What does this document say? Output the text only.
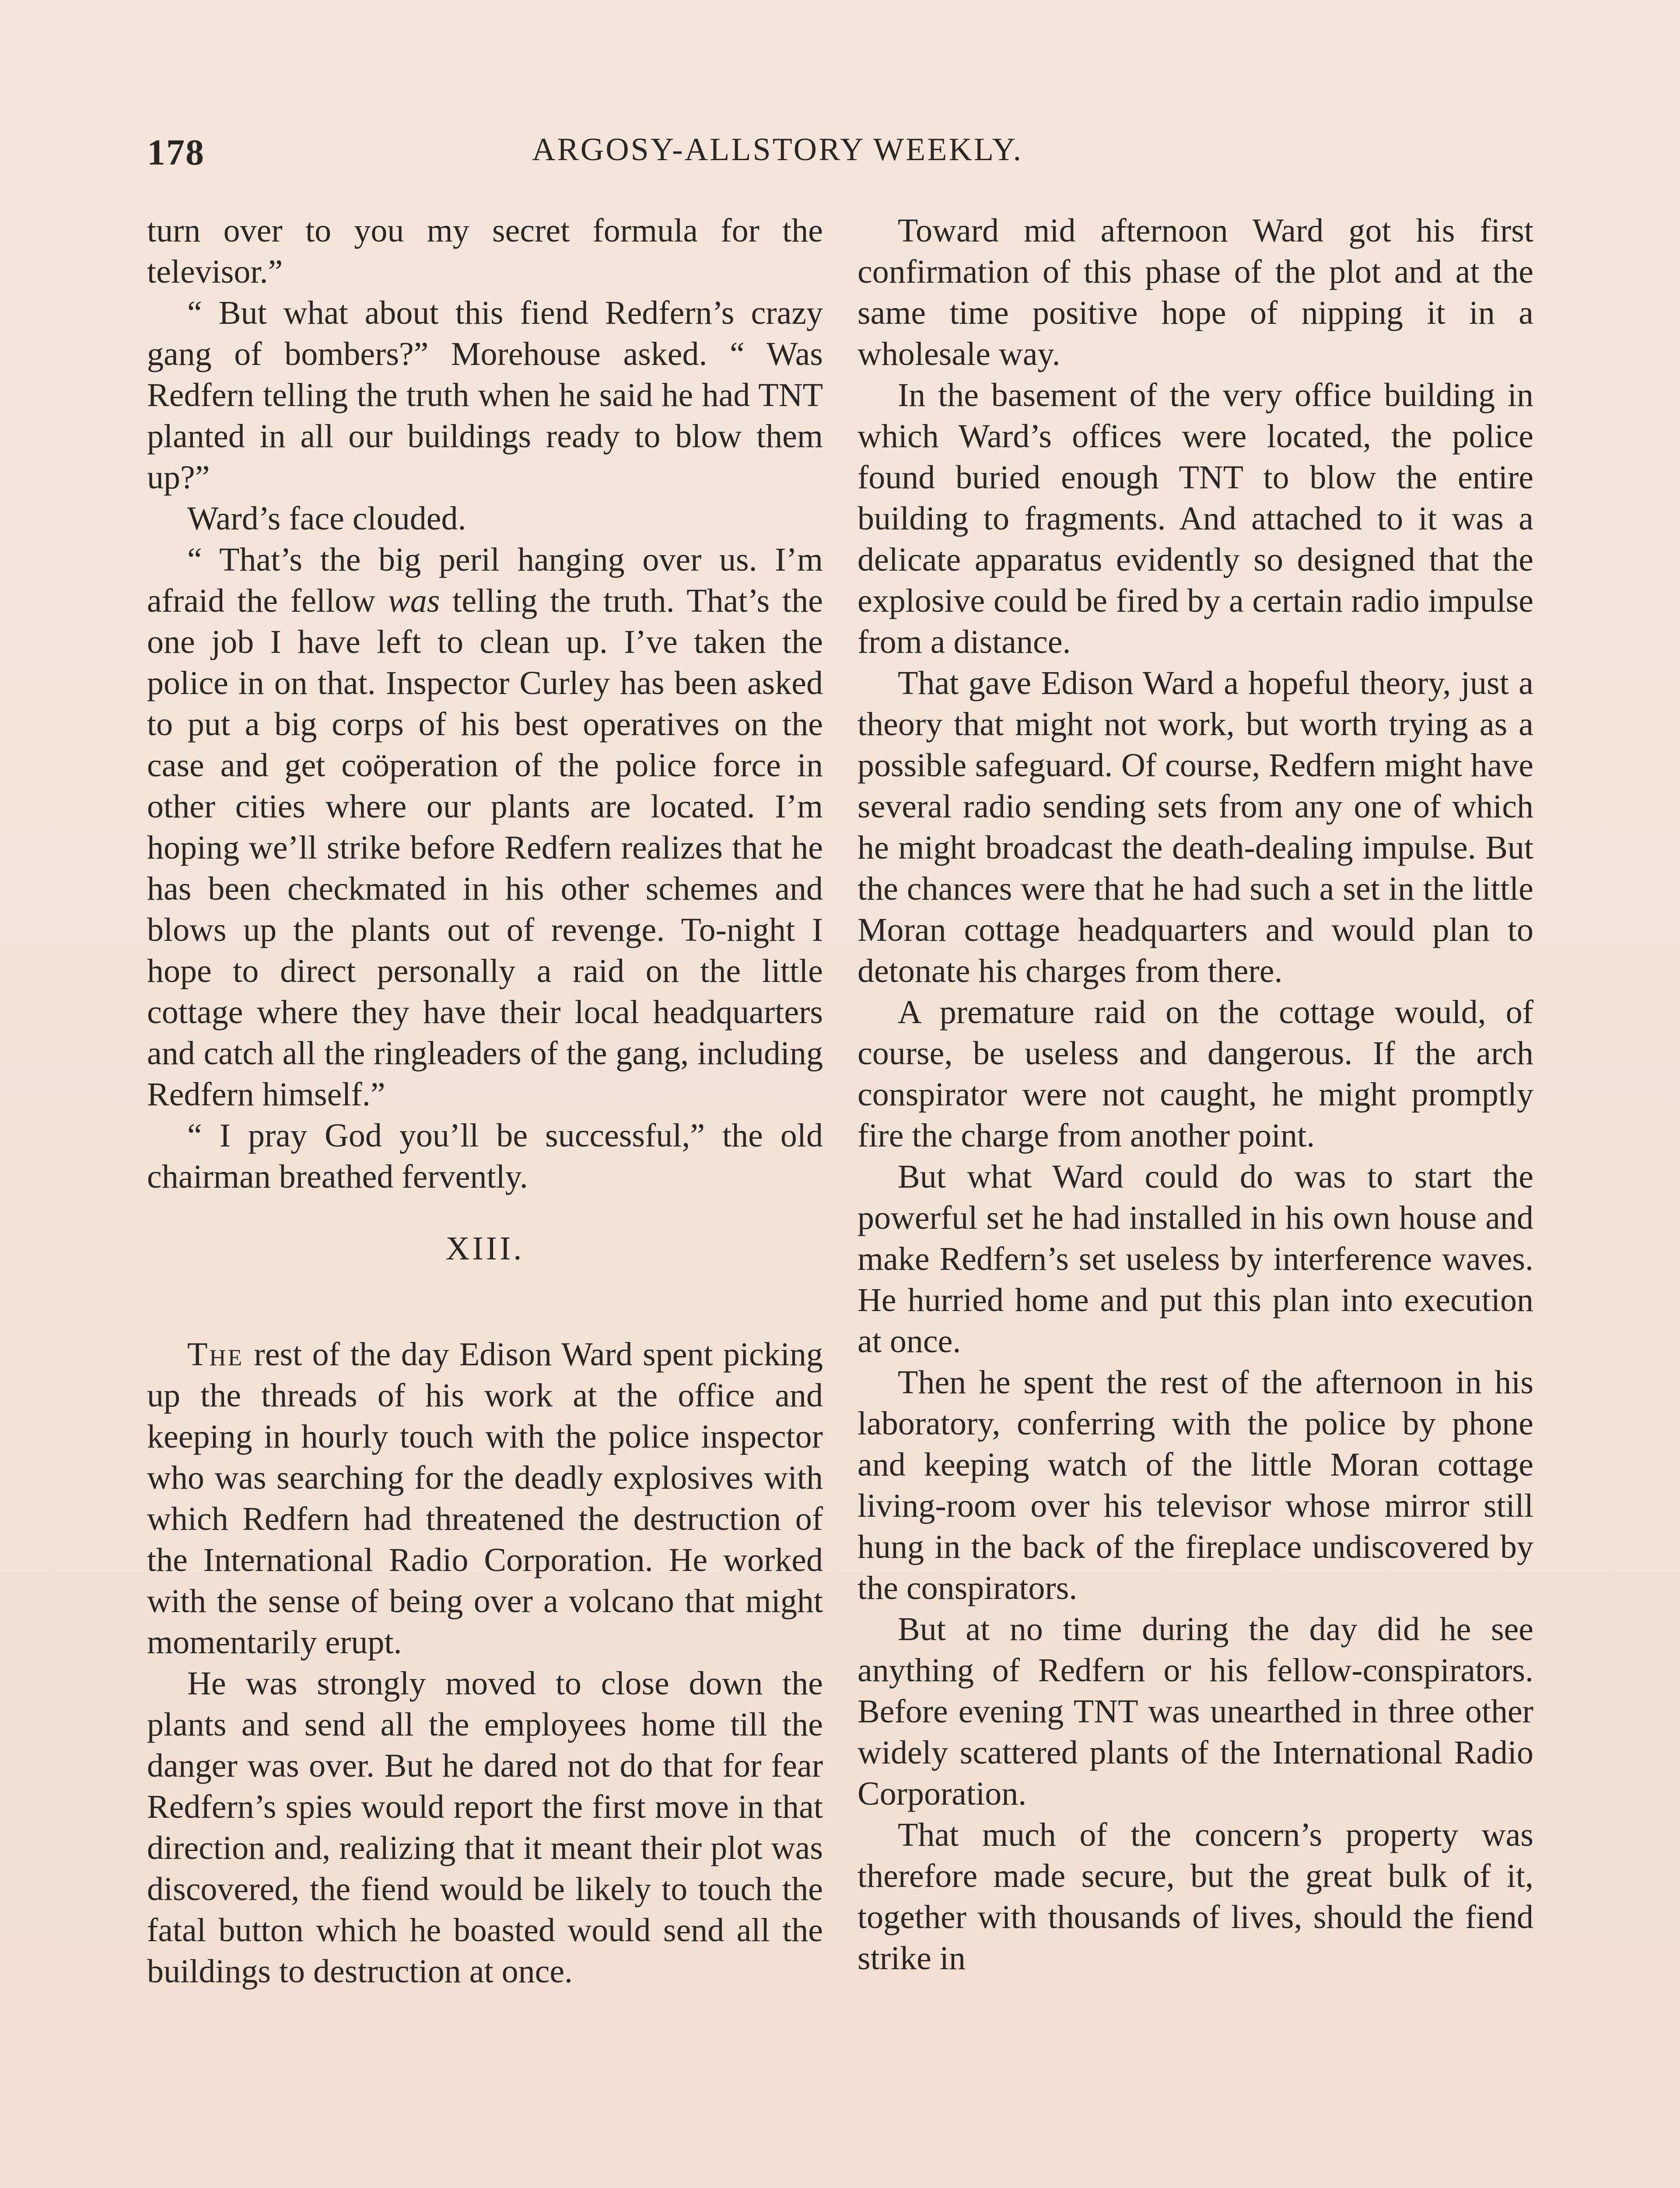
178	ARGOSY-ALLSTORY WEEKLY.

turn over to you my secret formula for the televisor.”

“ But what about this fiend Redfern’s crazy gang of bombers?” Morehouse asked. “ Was Redfern telling the truth when he said he had TNT planted in all our buildings ready to blow them up?”

Ward’s face clouded.

“ That’s the big peril hanging over us. I’m afraid the fellow was telling the truth. That’s the one job I have left to clean up. I’ve taken the police in on that. Inspector Curley has been asked to put a big corps of his best operatives on the case and get coöperation of the police force in other cities where our plants are located. I’m hoping we’ll strike before Redfern realizes that he has been checkmated in his other schemes and blows up the plants out of revenge. To-night I hope to direct personally a raid on the little cottage where they have their local headquarters and catch all the ringleaders of the gang, including Redfern himself.”

“ I pray God you’ll be successful,” the old chairman breathed fervently.

XIII.

The rest of the day Edison Ward spent picking up the threads of his work at the office and keeping in hourly touch with the police inspector who was searching for the deadly explosives with which Redfern had threatened the destruction of the International Radio Corporation. He worked with the sense of being over a volcano that might momentarily erupt.

He was strongly moved to close down the plants and send all the employees home till the danger was over. But he dared not do that for fear Redfern’s spies would report the first move in that direction and, realizing that it meant their plot was discovered, the fiend would be likely to touch the fatal button which he boasted would send all the buildings to destruction at once.

Toward mid afternoon Ward got his first confirmation of this phase of the plot and at the same time positive hope of nipping it in a wholesale way.

In the basement of the very office building in which Ward’s offices were located, the police found buried enough TNT to blow the entire building to fragments. And attached to it was a delicate apparatus evidently so designed that the explosive could be fired by a certain radio impulse from a distance.

That gave Edison Ward a hopeful theory, just a theory that might not work, but worth trying as a possible safeguard. Of course, Redfern might have several radio sending sets from any one of which he might broadcast the death-dealing impulse. But the chances were that he had such a set in the little Moran cottage headquarters and would plan to detonate his charges from there.

A premature raid on the cottage would, of course, be useless and dangerous. If the arch conspirator were not caught, he might promptly fire the charge from another point.

But what Ward could do was to start the powerful set he had installed in his own house and make Redfern’s set useless by interference waves. He hurried home and put this plan into execution at once.

Then he spent the rest of the afternoon in his laboratory, conferring with the police by phone and keeping watch of the little Moran cottage living-room over his televisor whose mirror still hung in the back of the fireplace undiscovered by the conspirators.

But at no time during the day did he see anything of Redfern or his fellow-conspirators. Before evening TNT was unearthed in three other widely scattered plants of the International Radio Corporation.

That much of the concern’s property was therefore made secure, but the great bulk of it, together with thousands of lives, should the fiend strike in
